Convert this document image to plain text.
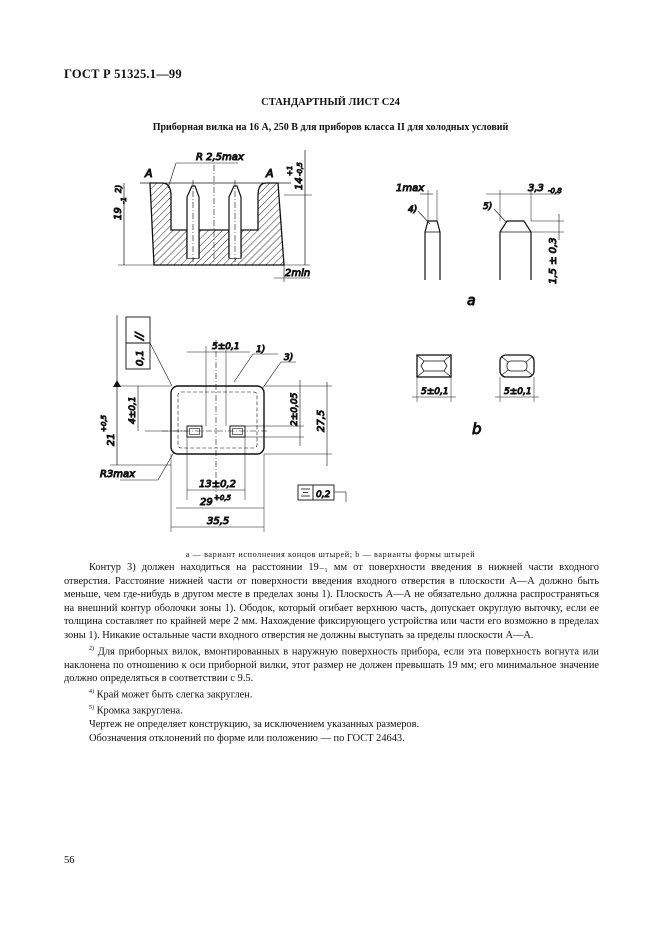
ГОСТ Р 51325.1—99
СТАНДАРТНЫЙ ЛИСТ С24
Приборная вилка на 16 А, 250 В для приборов класса II для холодных условий
A	A
R 2,5max
19
-1
2)	14
+1 -0,5
2min
1max
4)
3,3 -0,8
5)
1,5 ± 0,3
a
//
0,1
5±0,1 1)
3)
21
+0,5 4±0,1	2±0,05 27,5
R3max
13±0,2
29 +0,5
35,5
0,2
5±0,1	5±0,1
b
a — вариант исполнения концов штырей; b — варианты формы штырей

Контур 3) должен находиться на расстоянии 19₋₁ мм от поверхности введения в нижней части входного отверстия. Расстояние нижней части от поверхности введения входного отверстия в плоскости А—А должно быть меньше, чем где-нибудь в другом месте в пределах зоны 1). Плоскость А—А не обязательно должна распространяться на внешний контур оболочки зоны 1). Ободок, который огибает верхнюю часть, допускает округлую выточку, если ее толщина составляет по крайней мере 2 мм. Нахождение фиксирующего устройства или части его возможно в пределах зоны 1). Никакие остальные части входного отверстия не должны выступать за пределы плоскости А—А.

$^{2)}$ Для приборных вилок, вмонтированных в наружную поверхность прибора, если эта поверхность вогнута или наклонена по отношению к оси приборной вилки, этот размер не должен превышать 19 мм; его минимальное значение должно определяться в соответствии с 9.5.

$^{4)}$ Край может быть слегка закруглен.

$^{5)}$ Кромка закруглена.

Чертеж не определяет конструкцию, за исключением указанных размеров.

Обозначения отклонений по форме или положению — по ГОСТ 24643.

56
